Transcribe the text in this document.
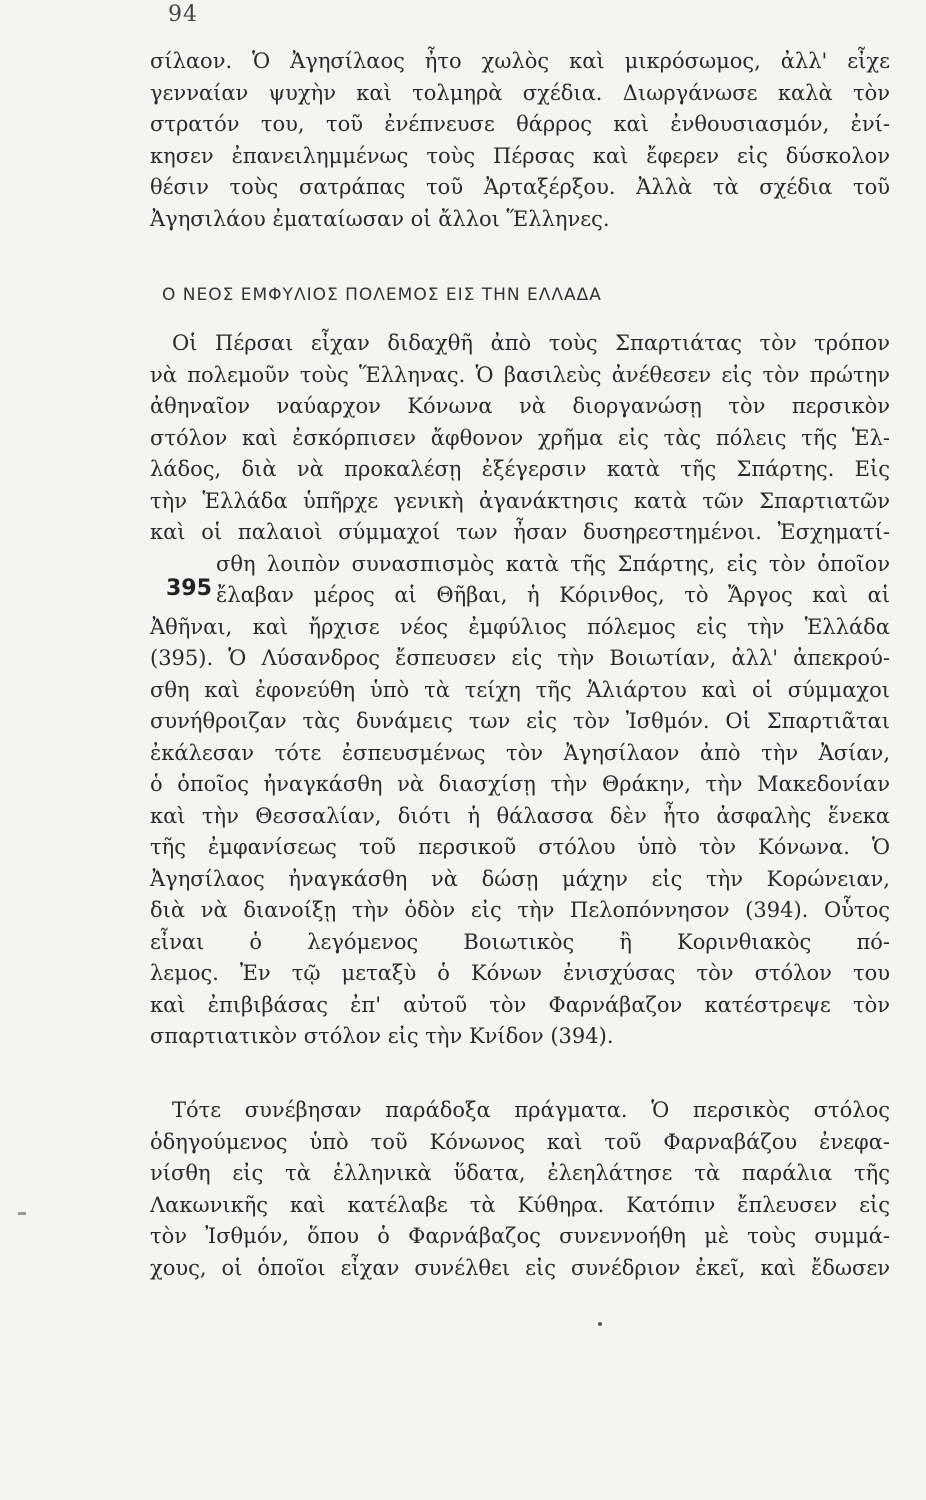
94
σίλαον. Ὁ Ἀγησίλαος ἦτο χωλὸς καὶ μικρόσωμος, ἀλλ' εἶχε
γενναίαν ψυχὴν καὶ τολμηρὰ σχέδια. Διωργάνωσε καλὰ τὸν
στρατόν του, τοῦ ἐνέπνευσε θάρρος καὶ ἐνθουσιασμόν, ἐνί-
κησεν ἐπανειλημμένως τοὺς Πέρσας καὶ ἔφερεν εἰς δύσκολον
θέσιν τοὺς σατράπας τοῦ Ἀρταξέρξου. Ἀλλὰ τὰ σχέδια τοῦ
Ἀγησιλάου ἐματαίωσαν οἱ ἄλλοι Ἕλληνες.
Ο ΝΕΟΣ ΕΜΦΥΛΙΟΣ ΠΟΛΕΜΟΣ ΕΙΣ ΤΗΝ ΕΛΛΑΔΑ
Οἱ Πέρσαι εἶχαν διδαχθῆ ἀπὸ τοὺς Σπαρτιάτας τὸν τρόπον
νὰ πολεμοῦν τοὺς Ἕλληνας. Ὁ βασιλεὺς ἀνέθεσεν εἰς τὸν πρώτην
ἀθηναῖον ναύαρχον Κόνωνα νὰ διοργανώσῃ τὸν περσικὸν
στόλον καὶ ἐσκόρπισεν ἄφθονον χρῆμα εἰς τὰς πόλεις τῆς Ἑλ-
λάδος, διὰ νὰ προκαλέσῃ ἐξέγερσιν κατὰ τῆς Σπάρτης. Εἰς
τὴν Ἑλλάδα ὑπῆρχε γενικὴ ἀγανάκτησις κατὰ τῶν Σπαρτιατῶν
καὶ οἱ παλαιοὶ σύμμαχοί των ἦσαν δυσηρεστημένοι. Ἐσχηματί-
σθη λοιπὸν συνασπισμὸς κατὰ τῆς Σπάρτης, εἰς τὸν ὁποῖον
ἔλαβαν μέρος αἱ Θῆβαι, ἡ Κόρινθος, τὸ Ἄργος καὶ αἱ
Ἀθῆναι, καὶ ἤρχισε νέος ἐμφύλιος πόλεμος εἰς τὴν Ἑλλάδα
(395). Ὁ Λύσανδρος ἔσπευσεν εἰς τὴν Βοιωτίαν, ἀλλ' ἀπεκρού-
σθη καὶ ἐφονεύθη ὑπὸ τὰ τείχη τῆς Ἁλιάρτου καὶ οἱ σύμμαχοι
συνήθροιζαν τὰς δυνάμεις των εἰς τὸν Ἰσθμόν. Οἱ Σπαρτιᾶται
ἐκάλεσαν τότε ἐσπευσμένως τὸν Ἀγησίλαον ἀπὸ τὴν Ἀσίαν,
ὁ ὁποῖος ἠναγκάσθη νὰ διασχίσῃ τὴν Θράκην, τὴν Μακεδονίαν
καὶ τὴν Θεσσαλίαν, διότι ἡ θάλασσα δὲν ἦτο ἀσφαλὴς ἕνεκα
τῆς ἐμφανίσεως τοῦ περσικοῦ στόλου ὑπὸ τὸν Κόνωνα. Ὁ
Ἀγησίλαος ἠναγκάσθη νὰ δώσῃ μάχην εἰς τὴν Κορώνειαν,
διὰ νὰ διανοίξῃ τὴν ὁδὸν εἰς τὴν Πελοπόννησον (394). Οὗτος
εἶναι ὁ λεγόμενος Βοιωτικὸς ἢ Κορινθιακὸς πό-
λεμος. Ἐν τῷ μεταξὺ ὁ Κόνων ἐνισχύσας τὸν στόλον του
καὶ ἐπιβιβάσας ἐπ' αὐτοῦ τὸν Φαρνάβαζον κατέστρεψε τὸν
σπαρτιατικὸν στόλον εἰς τὴν Κνίδον (394).
395
Τότε συνέβησαν παράδοξα πράγματα. Ὁ περσικὸς στόλος
ὁδηγούμενος ὑπὸ τοῦ Κόνωνος καὶ τοῦ Φαρναβάζου ἐνεφα-
νίσθη εἰς τὰ ἑλληνικὰ ὕδατα, ἐλεηλάτησε τὰ παράλια τῆς
Λακωνικῆς καὶ κατέλαβε τὰ Κύθηρα. Κατόπιν ἔπλευσεν εἰς
τὸν Ἰσθμόν, ὅπου ὁ Φαρνάβαζος συνεννοήθη μὲ τοὺς συμμά-
χους, οἱ ὁποῖοι εἶχαν συνέλθει εἰς συνέδριον ἐκεῖ, καὶ ἔδωσεν
